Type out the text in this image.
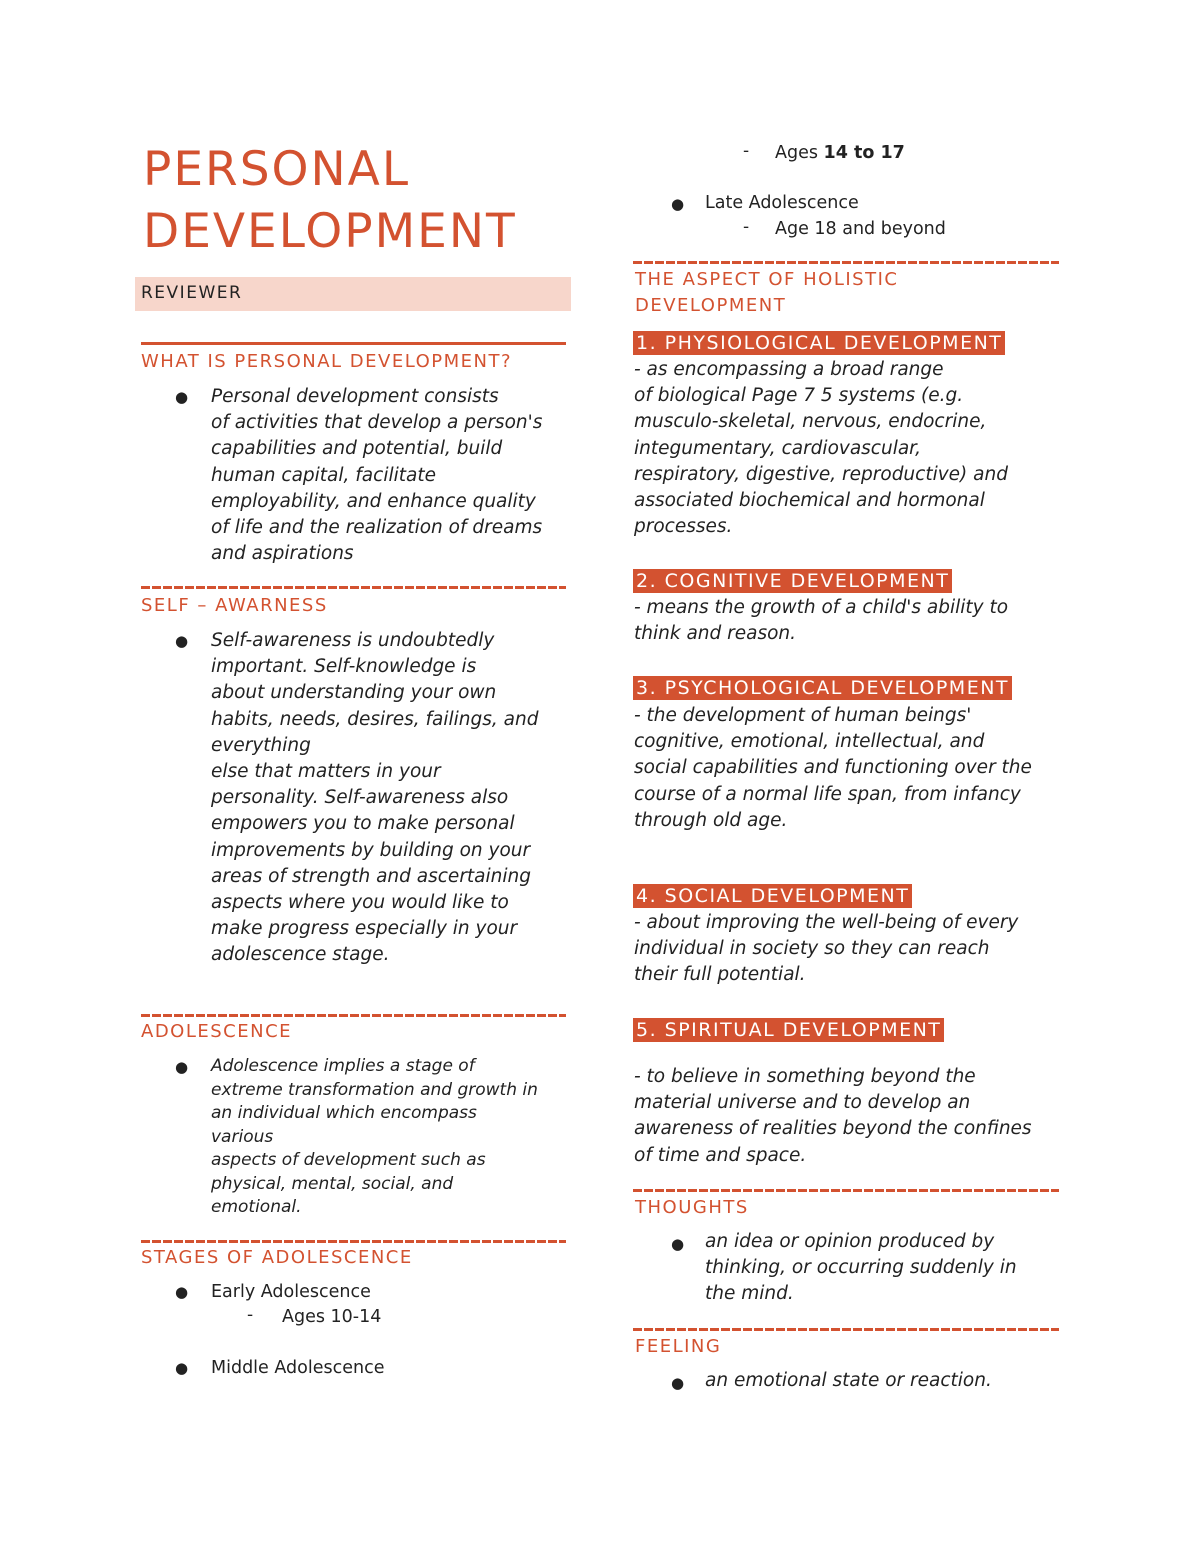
PERSONAL
DEVELOPMENT
REVIEWER
WHAT IS PERSONAL DEVELOPMENT?
● Personal development consists
of activities that develop a person's
capabilities and potential, build
human capital, facilitate
employability, and enhance quality
of life and the realization of dreams
and aspirations
SELF – AWARNESS
● Self-awareness is undoubtedly
important. Self-knowledge is
about understanding your own
habits, needs, desires, failings, and
everything
else that matters in your
personality. Self-awareness also
empowers you to make personal
improvements by building on your
areas of strength and ascertaining
aspects where you would like to
make progress especially in your
adolescence stage.
ADOLESCENCE
● Adolescence implies a stage of
extreme transformation and growth in
an individual which encompass
various
aspects of development such as
physical, mental, social, and
emotional.
STAGES OF ADOLESCENCE
● Early Adolescence
- Ages 10-14
● Middle Adolescence
- Ages 14 to 17
● Late Adolescence
- Age 18 and beyond
THE ASPECT OF HOLISTIC
DEVELOPMENT
1. PHYSIOLOGICAL DEVELOPMENT
- as encompassing a broad range
of biological Page 7 5 systems (e.g.
musculo-skeletal, nervous, endocrine,
integumentary, cardiovascular,
respiratory, digestive, reproductive) and
associated biochemical and hormonal
processes.
2. COGNITIVE DEVELOPMENT
- means the growth of a child's ability to
think and reason.
3. PSYCHOLOGICAL DEVELOPMENT
- the development of human beings'
cognitive, emotional, intellectual, and
social capabilities and functioning over the
course of a normal life span, from infancy
through old age.
4. SOCIAL DEVELOPMENT
- about improving the well-being of every
individual in society so they can reach
their full potential.
5. SPIRITUAL DEVELOPMENT
- to believe in something beyond the
material universe and to develop an
awareness of realities beyond the confines
of time and space.
THOUGHTS
● an idea or opinion produced by
thinking, or occurring suddenly in
the mind.
FEELING
● an emotional state or reaction.
